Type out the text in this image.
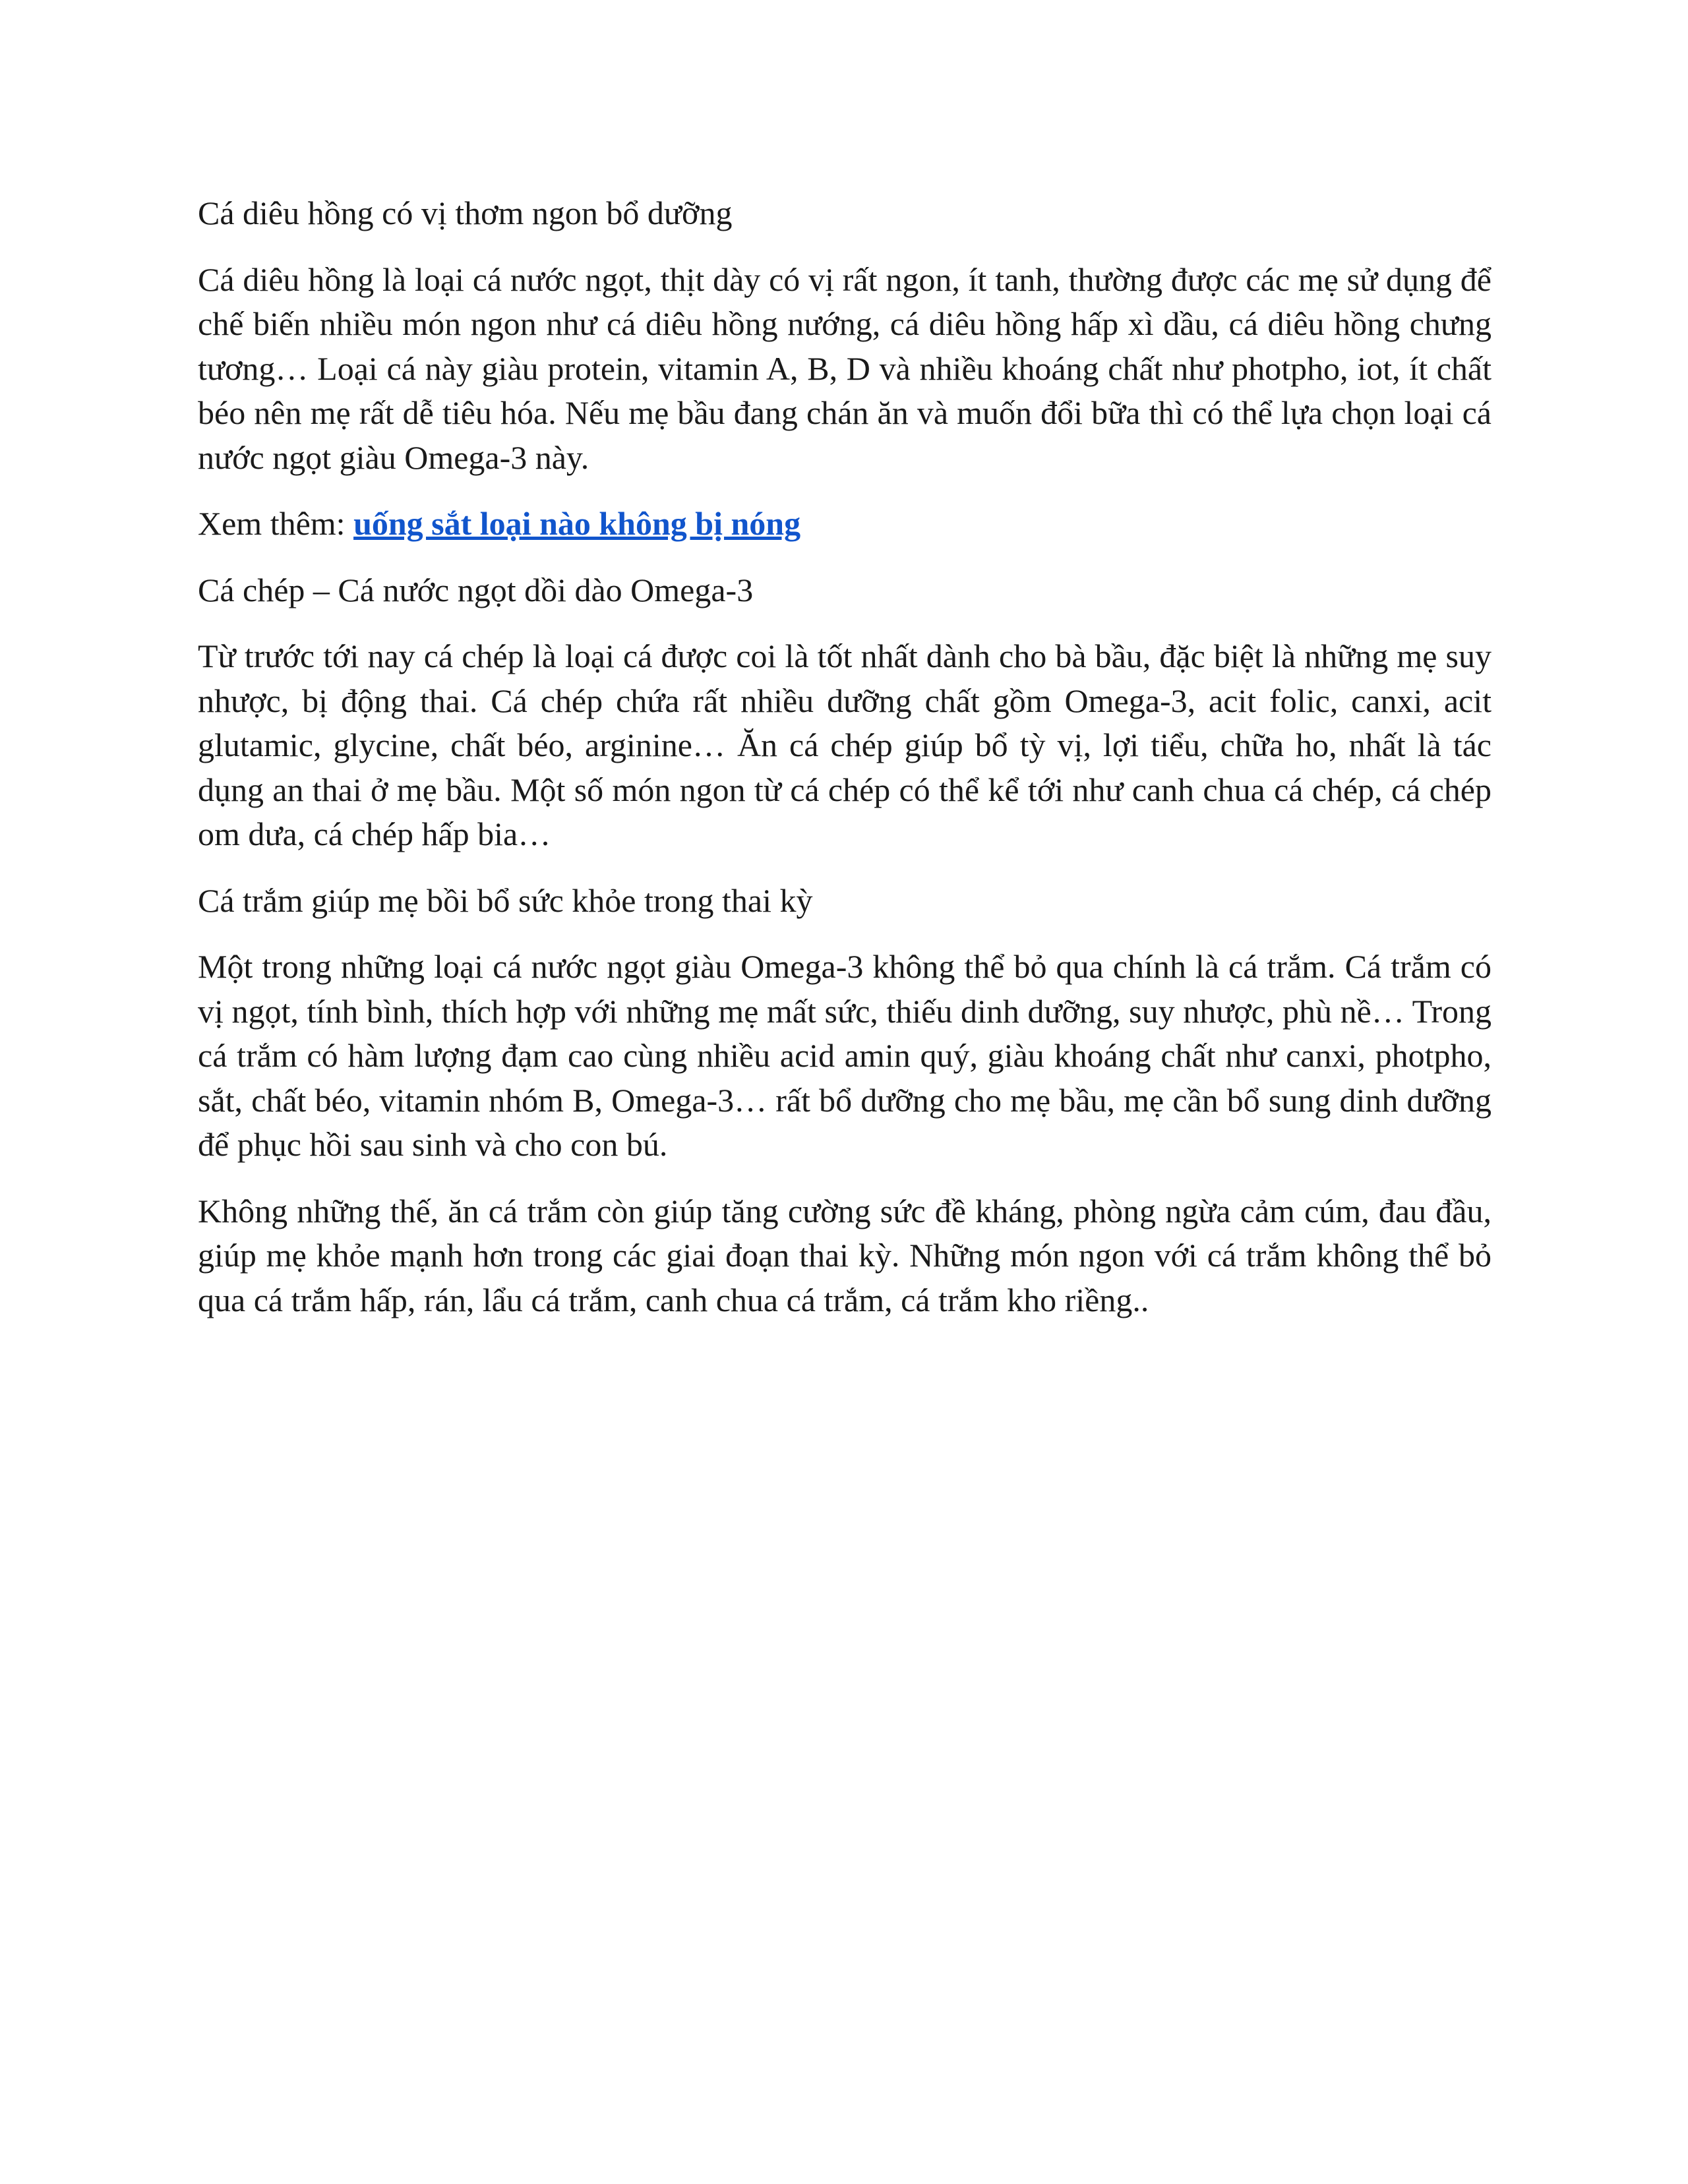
Cá diêu hồng có vị thơm ngon bổ dưỡng

Cá diêu hồng là loại cá nước ngọt, thịt dày có vị rất ngon, ít tanh, thường được các mẹ sử dụng để chế biến nhiều món ngon như cá diêu hồng nướng, cá diêu hồng hấp xì dầu, cá diêu hồng chưng tương… Loại cá này giàu protein, vitamin A, B, D và nhiều khoáng chất như photpho, iot, ít chất béo nên mẹ rất dễ tiêu hóa. Nếu mẹ bầu đang chán ăn và muốn đổi bữa thì có thể lựa chọn loại cá nước ngọt giàu Omega-3 này.

Xem thêm: uống sắt loại nào không bị nóng

Cá chép – Cá nước ngọt dồi dào Omega-3

Từ trước tới nay cá chép là loại cá được coi là tốt nhất dành cho bà bầu, đặc biệt là những mẹ suy nhược, bị động thai. Cá chép chứa rất nhiều dưỡng chất gồm Omega-3, acit folic, canxi, acit glutamic, glycine, chất béo, arginine… Ăn cá chép giúp bổ tỳ vị, lợi tiểu, chữa ho, nhất là tác dụng an thai ở mẹ bầu. Một số món ngon từ cá chép có thể kể tới như canh chua cá chép, cá chép om dưa, cá chép hấp bia…

Cá trắm giúp mẹ bồi bổ sức khỏe trong thai kỳ

Một trong những loại cá nước ngọt giàu Omega-3 không thể bỏ qua chính là cá trắm. Cá trắm có vị ngọt, tính bình, thích hợp với những mẹ mất sức, thiếu dinh dưỡng, suy nhược, phù nề… Trong cá trắm có hàm lượng đạm cao cùng nhiều acid amin quý, giàu khoáng chất như canxi, photpho, sắt, chất béo, vitamin nhóm B, Omega-3… rất bổ dưỡng cho mẹ bầu, mẹ cần bổ sung dinh dưỡng để phục hồi sau sinh và cho con bú.

Không những thế, ăn cá trắm còn giúp tăng cường sức đề kháng, phòng ngừa cảm cúm, đau đầu, giúp mẹ khỏe mạnh hơn trong các giai đoạn thai kỳ. Những món ngon với cá trắm không thể bỏ qua cá trắm hấp, rán, lẩu cá trắm, canh chua cá trắm, cá trắm kho riềng..
